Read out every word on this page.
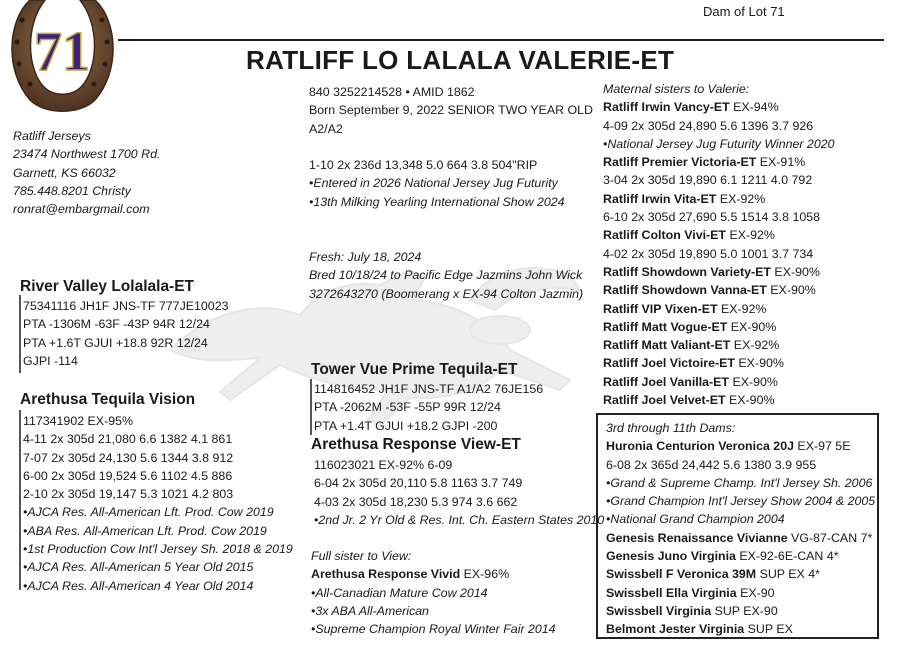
71
Dam of Lot 71
RATLIFF LO LALALA VALERIE-ET
Ratliff Jerseys
23474 Northwest 1700 Rd.
Garnett, KS 66032
785.448.8201 Christy
ronrat@embargmail.com
840 3252214528 • AMID 1862
Born September 9, 2022 SENIOR TWO YEAR OLD
A2/A2
1-10 2x 236d 13,348 5.0 664 3.8 504"RIP
•Entered in 2026 National Jersey Jug Futurity
•13th Milking Yearling International Show 2024
Fresh: July 18, 2024
Bred 10/18/24 to Pacific Edge Jazmins John Wick
3272643270 (Boomerang x EX-94 Colton Jazmin)
River Valley Lolalala-ET
75341116 JH1F JNS-TF 777JE10023
PTA -1306M -63F -43P 94R 12/24
PTA +1.6T GJUI +18.8 92R 12/24
GJPI -114
Arethusa Tequila Vision
117341902 EX-95%
4-11 2x 305d 21,080 6.6 1382 4.1 861
7-07 2x 305d 24,130 5.6 1344 3.8 912
6-00 2x 305d 19,524 5.6 1102 4.5 886
2-10 2x 305d 19,147 5.3 1021 4.2 803
•AJCA Res. All-American Lft. Prod. Cow 2019
•ABA Res. All-American Lft. Prod. Cow 2019
•1st Production Cow Int'l Jersey Sh. 2018 & 2019
•AJCA Res. All-American 5 Year Old 2015
•AJCA Res. All-American 4 Year Old 2014
Tower Vue Prime Tequila-ET
114816452 JH1F JNS-TF A1/A2 76JE156
PTA -2062M -53F -55P 99R 12/24
PTA +1.4T GJUI +18.2 GJPI -200
Arethusa Response View-ET
116023021 EX-92% 6-09
6-04 2x 305d 20,110 5.8 1163 3.7 749
4-03 2x 305d 18,230 5.3 974 3.6 662
•2nd Jr. 2 Yr Old & Res. Int. Ch. Eastern States 2010
Full sister to View:
Arethusa Response Vivid EX-96%
•All-Canadian Mature Cow 2014
•3x ABA All-American
•Supreme Champion Royal Winter Fair 2014
Maternal sisters to Valerie:
Ratliff Irwin Vancy-ET EX-94%
4-09 2x 305d 24,890 5.6 1396 3.7 926
•National Jersey Jug Futurity Winner 2020
Ratliff Premier Victoria-ET EX-91%
3-04 2x 305d 19,890 6.1 1211 4.0 792
Ratliff Irwin Vita-ET EX-92%
6-10 2x 305d 27,690 5.5 1514 3.8 1058
Ratliff Colton Vivi-ET EX-92%
4-02 2x 305d 19,890 5.0 1001 3.7 734
Ratliff Showdown Variety-ET EX-90%
Ratliff Showdown Vanna-ET EX-90%
Ratliff VIP Vixen-ET EX-92%
Ratliff Matt Vogue-ET EX-90%
Ratliff Matt Valiant-ET EX-92%
Ratliff Joel Victoire-ET EX-90%
Ratliff Joel Vanilla-ET EX-90%
Ratliff Joel Velvet-ET EX-90%
3rd through 11th Dams:
Huronia Centurion Veronica 20J EX-97 5E
6-08 2x 365d 24,442 5.6 1380 3.9 955
•Grand & Supreme Champ. Int'l Jersey Sh. 2006
•Grand Champion Int'l Jersey Show 2004 & 2005
•National Grand Champion 2004
Genesis Renaissance Vivianne VG-87-CAN 7*
Genesis Juno Virginia EX-92-6E-CAN 4*
Swissbell F Veronica 39M SUP EX 4*
Swissbell Ella Virginia EX-90
Swissbell Virginia SUP EX-90
Belmont Jester Virginia SUP EX
